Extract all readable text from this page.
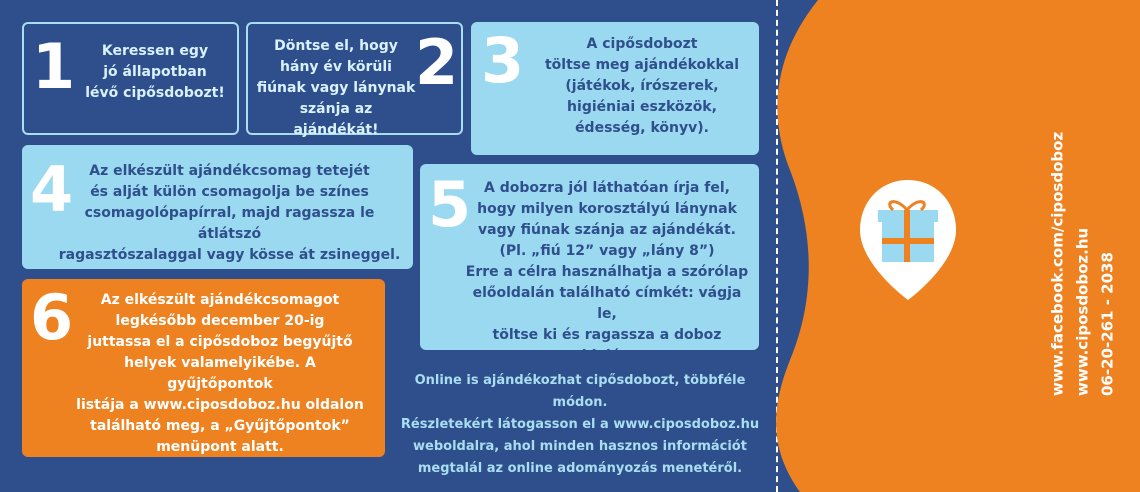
1	Keressen egy
jó állapotban
lévő cipősdobozt!
Döntse el, hogy
hány év körüli
fiúnak vagy lánynak
szánja az ajándékát!
2 3	A cipősdobozt
töltse meg ajándékokkal
(játékok, írószerek,
higiéniai eszközök,
édesség, könyv).
4	Az elkészült ajándékcsomag tetejét
és alját külön csomagolja be színes
csomagolópapírral, majd ragassza le átlátszó
ragasztószalaggal vagy kösse át zsineggel.
5 A dobozra jól láthatóan írja fel,
hogy milyen korosztályú lánynak
vagy fiúnak szánja az ajándékát.
(Pl. „fiú 12” vagy „lány 8”)
Erre a célra használhatja a szórólap
előoldalán található címkét: vágja le,
töltse ki és ragassza a doboz oldalára.
6	Az elkészült ajándékcsomagot
legkésőbb december 20-ig
juttassa el a cipősdoboz begyűjtő
helyek valamelyikébe. A gyűjtőpontok
listája a www.ciposdoboz.hu oldalon
található meg, a „Gyűjtőpontok”
menüpont alatt.
Online is ajándékozhat cipősdobozt, többféle módon.
Részletekért látogasson el a www.ciposdoboz.hu
weboldalra, ahol minden hasznos információt
megtalál az online adományozás menetéről.
www.facebook.com/ciposdoboz www.ciposdoboz.hu 06-20-261 - 2038
